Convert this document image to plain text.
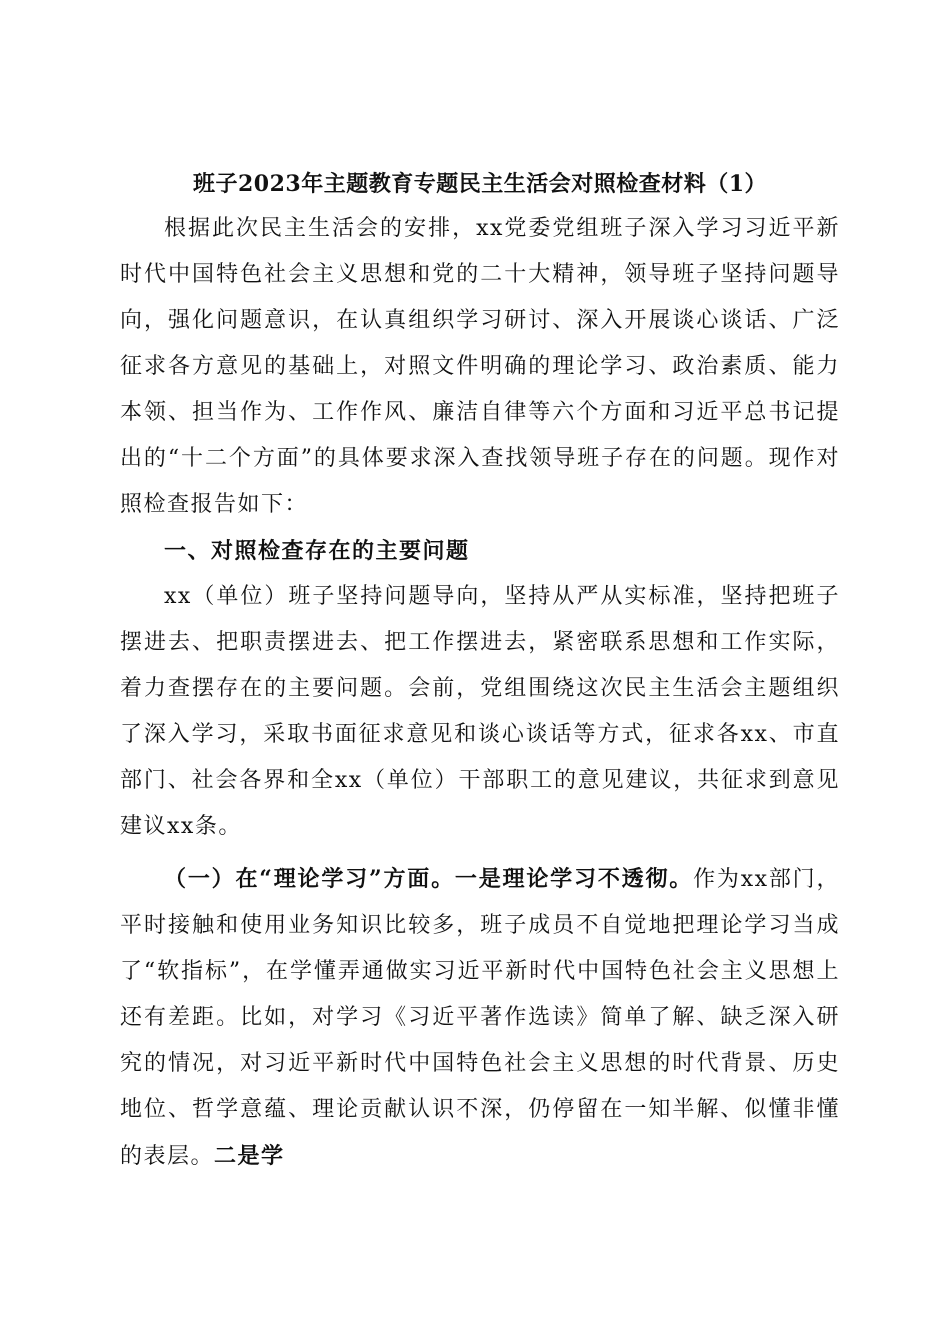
班子2023年主题教育专题民主生活会对照检查材料（1）

根据此次民主生活会的安排，xx党委党组班子深入学习习近平新时代中国特色社会主义思想和党的二十大精神，领导班子坚持问题导向，强化问题意识，在认真组织学习研讨、深入开展谈心谈话、广泛征求各方意见的基础上，对照文件明确的理论学习、政治素质、能力本领、担当作为、工作作风、廉洁自律等六个方面和习近平总书记提出的“十二个方面”的具体要求深入查找领导班子存在的问题。现作对照检查报告如下：

一、对照检查存在的主要问题

xx（单位）班子坚持问题导向，坚持从严从实标准，坚持把班子摆进去、把职责摆进去、把工作摆进去，紧密联系思想和工作实际，着力查摆存在的主要问题。会前，党组围绕这次民主生活会主题组织了深入学习，采取书面征求意见和谈心谈话等方式，征求各xx、市直部门、社会各界和全xx（单位）干部职工的意见建议，共征求到意见建议xx条。

（一）在“理论学习”方面。一是理论学习不透彻。作为xx部门，平时接触和使用业务知识比较多，班子成员不自觉地把理论学习当成了“软指标”，在学懂弄通做实习近平新时代中国特色社会主义思想上还有差距。比如，对学习《习近平著作选读》简单了解、缺乏深入研究的情况，对习近平新时代中国特色社会主义思想的时代背景、历史地位、哲学意蕴、理论贡献认识不深，仍停留在一知半解、似懂非懂的表层。二是学
